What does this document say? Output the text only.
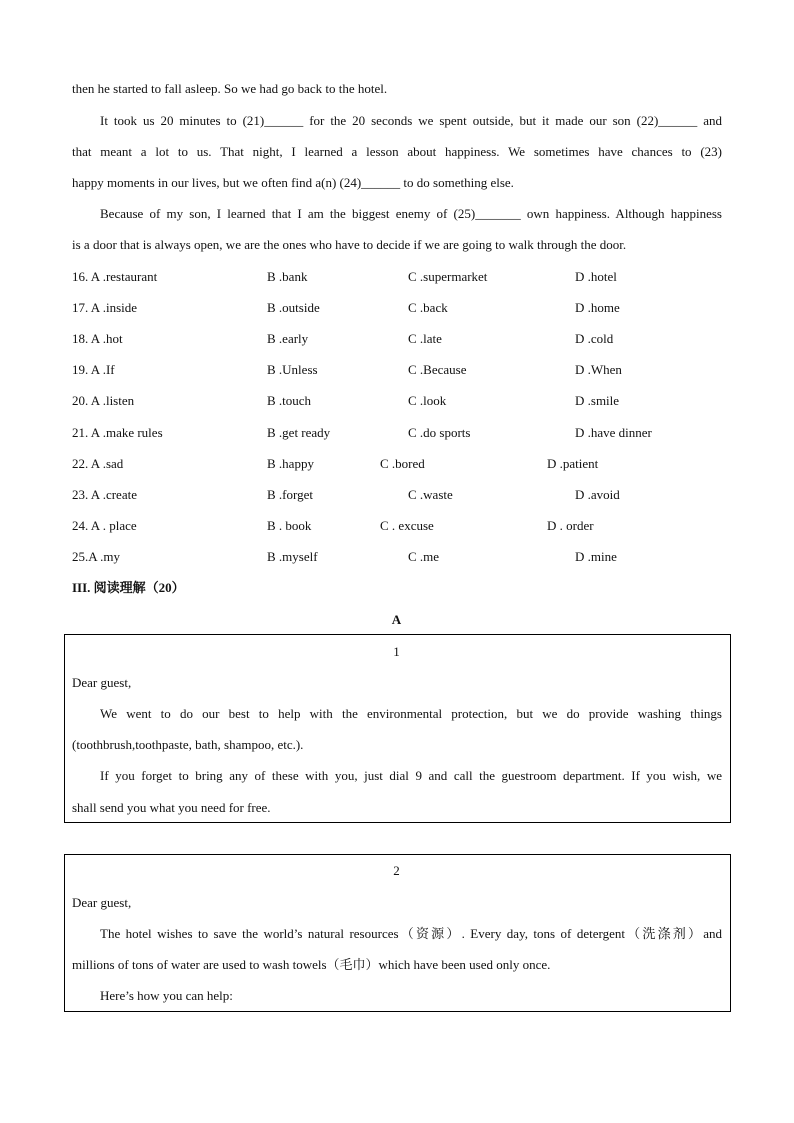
then he started to fall asleep. So we had go back to the hotel.
It took us 20 minutes to (21)______ for the 20 seconds we spent outside, but it made our son (22)______ and
that meant a lot to us. That night, I learned a lesson about happiness. We sometimes have chances to (23)
happy moments in our lives, but we often find a(n) (24)______ to do something else.
Because of my son, I learned that I am the biggest enemy of (25)_______ own happiness. Although happiness
is a door that is always open, we are the ones who have to decide if we are going to walk through the door.
16. A .restaurant	B .bank	C .supermarket	D .hotel
17. A .inside	B .outside	C .back	D .home
18. A .hot	B .early	C .late	D .cold
19. A .If	B .Unless	C .Because	D .When
20. A .listen	B .touch	C .look	D .smile
21. A .make rules	B .get ready	C .do sports	D .have dinner
22. A .sad	B .happy	C .bored	D .patient
23. A .create	B .forget	C .waste	D .avoid
24. A . place	B . book	C . excuse	D . order
25.A .my	B .myself	C .me	D .mine
III. 阅读理解（20）
A
1
Dear guest,
We went to do our best to help with the environmental protection, but we do provide washing things
(toothbrush,toothpaste, bath, shampoo, etc.).
If you forget to bring any of these with you, just dial 9 and call the guestroom department. If you wish, we
shall send you what you need for free.
2
Dear guest,
The hotel wishes to save the world’s natural resources（资源）. Every day, tons of detergent（洗涤剂）and
millions of tons of water are used to wash towels（毛巾）which have been used only once.
Here’s how you can help:
